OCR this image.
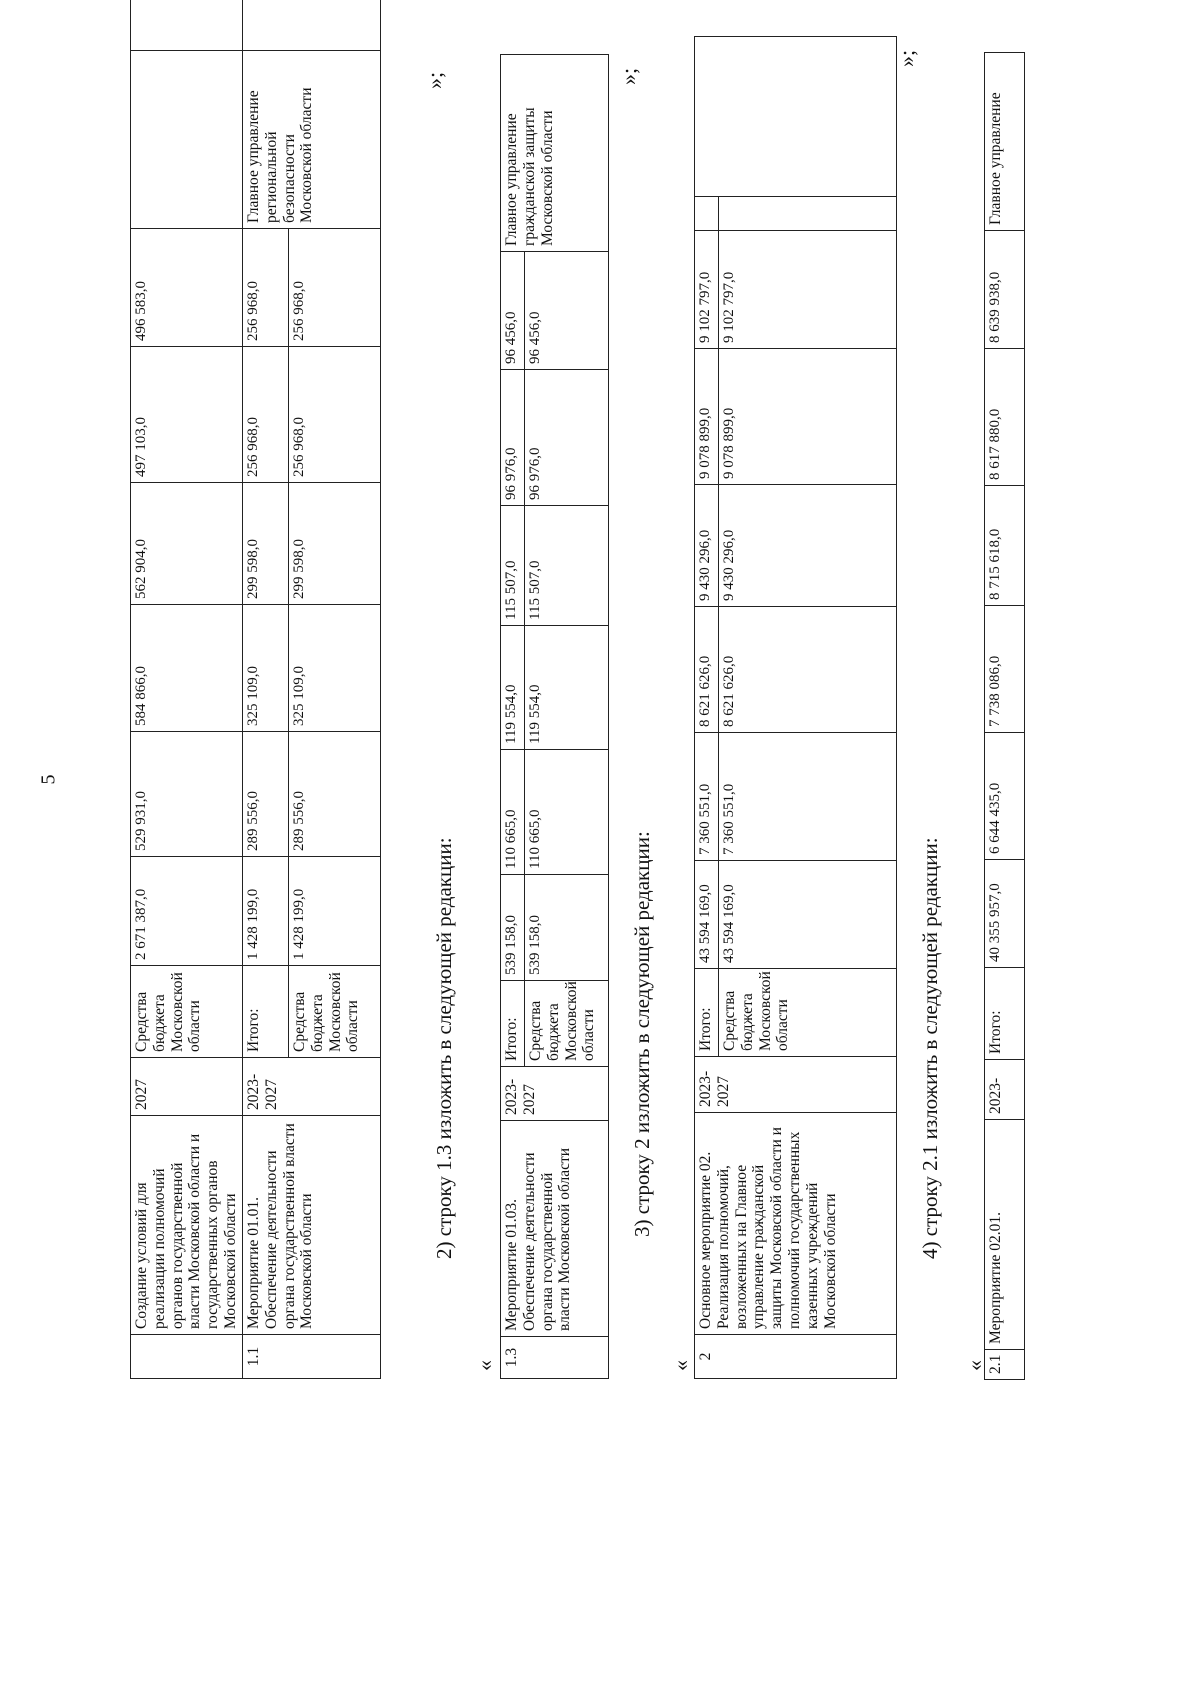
5
	Создание условий для реализации полномочий органов государственной власти Московской области и государственных органов Московской области	2027	Средства бюджета Московской области	2 671 387,0	529 931,0	584 866,0	562 904,0	497 103,0	496 583,0		
1.1	Мероприятие 01.01. Обеспечение деятельности органа государственной власти Московской области	2023-2027	Итого:	1 428 199,0	289 556,0	325 109,0	299 598,0	256 968,0	256 968,0	Главное управление региональной безопасности Московской области	
			Средства бюджета Московской области	1 428 199,0	289 556,0	325 109,0	299 598,0	256 968,0	256 968,0		
»;
2) строку 1.3 изложить в следующей редакции:
« 1.3	Мероприятие 01.03. Обеспечение деятельности органа государственной власти Московской области	2023-2027	Итого:	539 158,0	110 665,0	119 554,0	115 507,0	96 976,0	96 456,0	Главное управление гражданской защиты Московской области	
			Средства бюджета Московской области	539 158,0	110 665,0	119 554,0	115 507,0	96 976,0	96 456,0		
»;
3) строку 2 изложить в следующей редакции:
«
2	Основное мероприятие 02. Реализация полномочий, возложенных на Главное управление гражданской защиты Московской области и полномочий государственных казенных учреждений Московской области	2023-2027	Итого:	43 594 169,0	7 360 551,0	8 621 626,0	9 430 296,0	9 078 899,0	9 102 797,0		
			Средства бюджета Московской области	43 594 169,0	7 360 551,0	8 621 626,0	9 430 296,0	9 078 899,0	9 102 797,0		
»;
4) строку 2.1 изложить в следующей редакции:
« 2.1	Мероприятие 02.01.	2023-	Итого:	40 355 957,0	6 644 435,0	7 738 086,0	8 715 618,0	8 617 880,0	8 639 938,0	Главное управление
